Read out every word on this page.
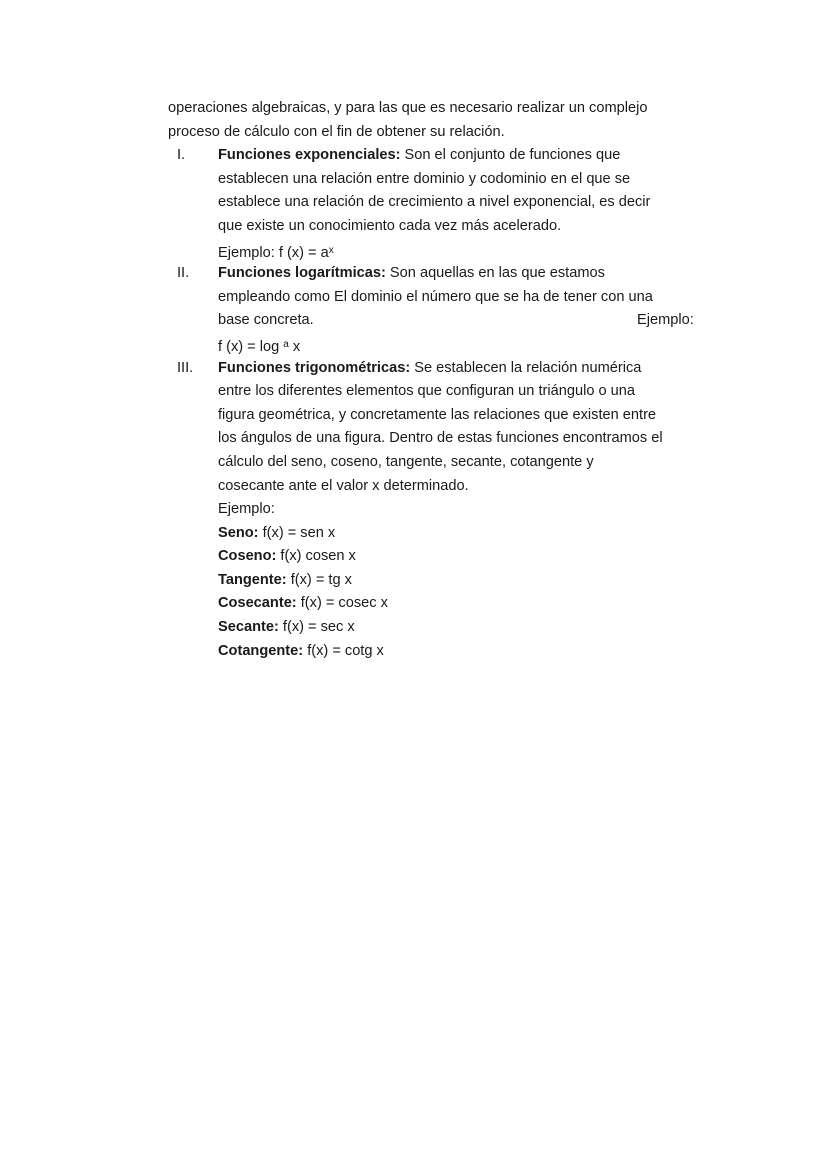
operaciones algebraicas, y para las que es necesario realizar un complejo
proceso de cálculo con el fin de obtener su relación.
I. Funciones exponenciales: Son el conjunto de funciones que
establecen una relación entre dominio y codominio en el que se
establece una relación de crecimiento a nivel exponencial, es decir
que existe un conocimiento cada vez más acelerado.
Ejemplo: f $(x) = a^x$
II. Funciones logarítmicas: Son aquellas en las que estamos
empleando como El dominio el número que se ha de tener con una
base concreta.	Ejemplo:
f (x) = log $^a$ x
III. Funciones trigonométricas: Se establecen la relación numérica
entre los diferentes elementos que configuran un triángulo o una
figura geométrica, y concretamente las relaciones que existen entre
los ángulos de una figura. Dentro de estas funciones encontramos el
cálculo del seno, coseno, tangente, secante, cotangente y
cosecante ante el valor x determinado.
Ejemplo:
Seno: f(x) = sen x
Coseno: f(x) cosen x
Tangente: f(x) = tg x
Cosecante: f(x) = cosec x
Secante: f(x) = sec x
Cotangente: f(x) = cotg x
